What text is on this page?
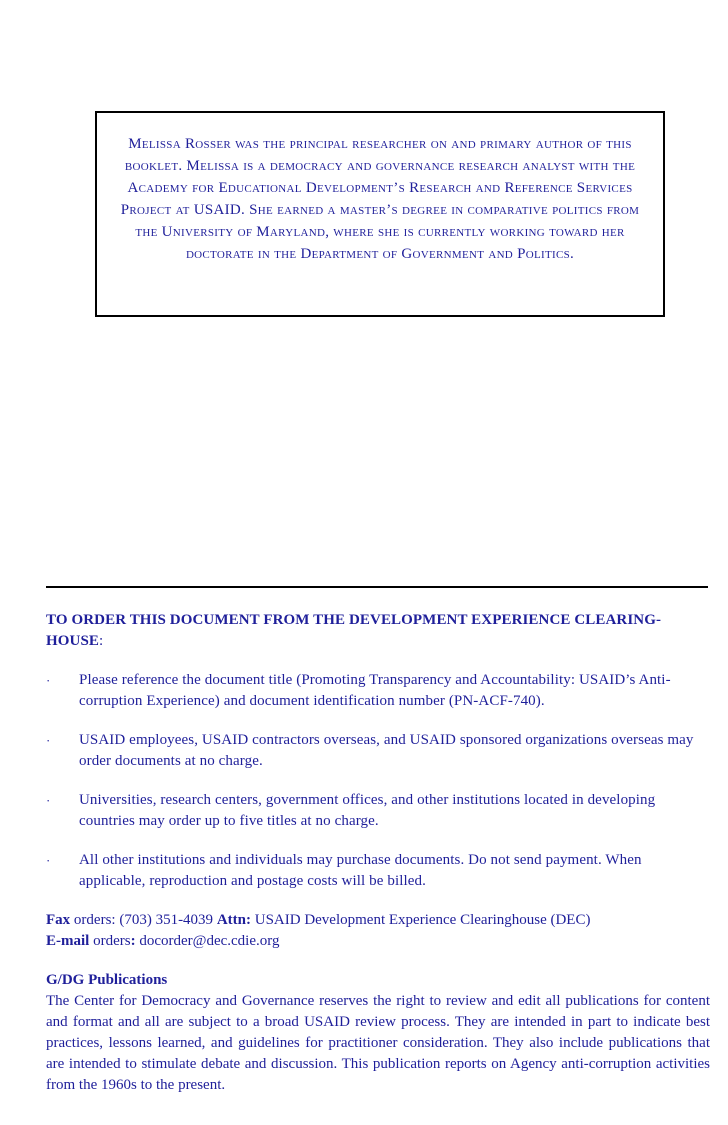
Melissa Rosser was the principal researcher on and primary author of this booklet. Melissa is a democracy and governance research analyst with the Academy for Educational Development’s Research and Reference Services Project at USAID. She earned a master’s degree in comparative politics from the University of Maryland, where she is currently working toward her doctorate in the Department of Government and Politics.

TO ORDER THIS DOCUMENT FROM THE DEVELOPMENT EXPERIENCE CLEARING-HOUSE:

·	Please reference the document title (Promoting Transparency and Accountability: USAID’s Anti-corruption Experience) and document identification number (PN-ACF-740).
·	USAID employees, USAID contractors overseas, and USAID sponsored organizations overseas may order documents at no charge.
·	Universities, research centers, government offices, and other institutions located in developing countries may order up to five titles at no charge.
·	All other institutions and individuals may purchase documents. Do not send payment. When applicable, reproduction and postage costs will be billed.

Fax orders: (703) 351-4039 Attn: USAID Development Experience Clearinghouse (DEC)
E-mail orders: docorder@dec.cdie.org

G/DG Publications
The Center for Democracy and Governance reserves the right to review and edit all publications for content and format and all are subject to a broad USAID review process. They are intended in part to indicate best practices, lessons learned, and guidelines for practitioner consideration. They also include publications that are intended to stimulate debate and discussion. This publication reports on Agency anti-corruption activities from the 1960s to the present.
